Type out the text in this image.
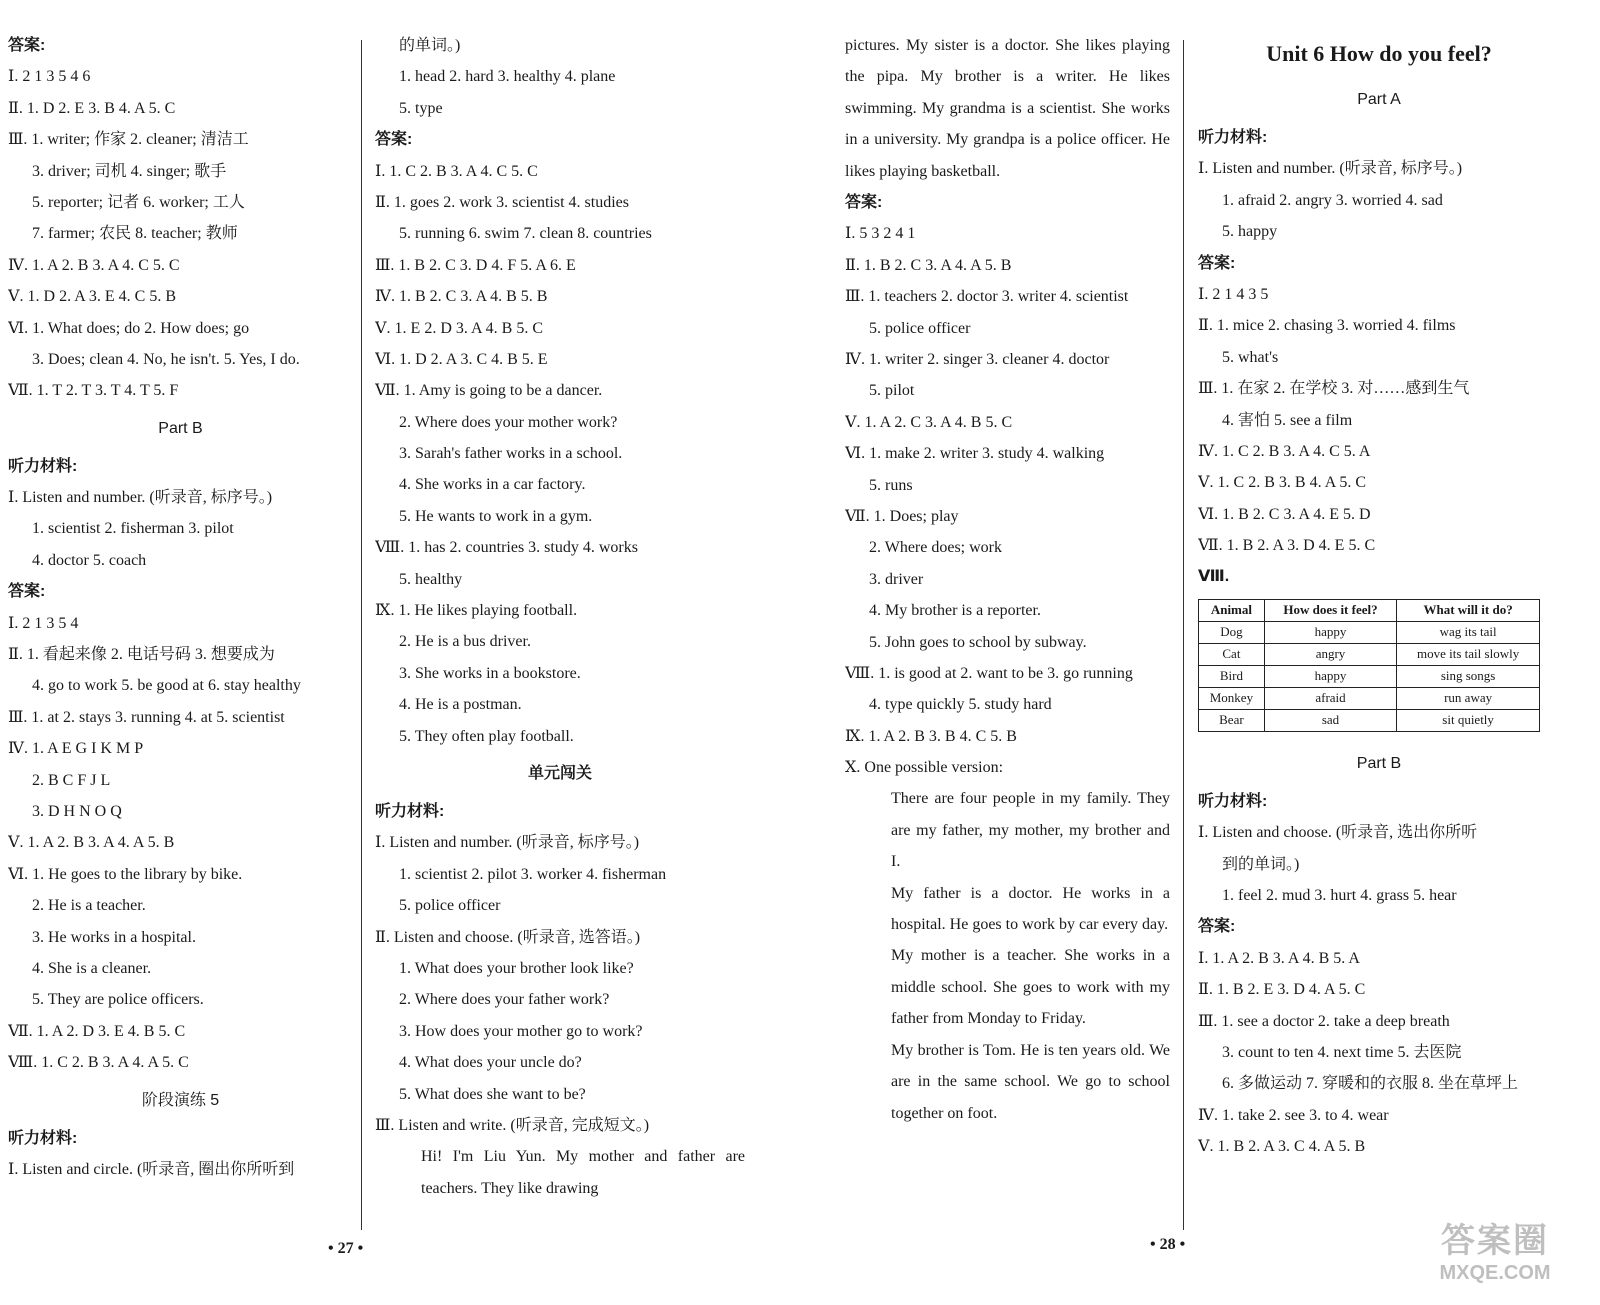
答案:
Ⅰ. 2 1 3 5 4 6
Ⅱ. 1. D 2. E 3. B 4. A 5. C
Ⅲ. 1. writer; 作家 2. cleaner; 清洁工
3. driver; 司机 4. singer; 歌手
5. reporter; 记者 6. worker; 工人
7. farmer; 农民 8. teacher; 教师
Ⅳ. 1. A 2. B 3. A 4. C 5. C
Ⅴ. 1. D 2. A 3. E 4. C 5. B
Ⅵ. 1. What does; do 2. How does; go
3. Does; clean 4. No, he isn't. 5. Yes, I do.
Ⅶ. 1. T 2. T 3. T 4. T 5. F
Part B
听力材料:
Ⅰ. Listen and number. (听录音, 标序号。)
1. scientist 2. fisherman 3. pilot
4. doctor 5. coach
答案:
Ⅰ. 2 1 3 5 4
Ⅱ. 1. 看起来像 2. 电话号码 3. 想要成为
4. go to work 5. be good at 6. stay healthy
Ⅲ. 1. at 2. stays 3. running 4. at 5. scientist
Ⅳ. 1. A E G I K M P
2. B C F J L
3. D H N O Q
Ⅴ. 1. A 2. B 3. A 4. A 5. B
Ⅵ. 1. He goes to the library by bike.
2. He is a teacher.
3. He works in a hospital.
4. She is a cleaner.
5. They are police officers.
Ⅶ. 1. A 2. D 3. E 4. B 5. C
Ⅷ. 1. C 2. B 3. A 4. A 5. C
阶段演练 5
听力材料:
Ⅰ. Listen and circle. (听录音, 圈出你所听到
的单词。)
1. head 2. hard 3. healthy 4. plane
5. type
答案:
Ⅰ. 1. C 2. B 3. A 4. C 5. C
Ⅱ. 1. goes 2. work 3. scientist 4. studies
5. running 6. swim 7. clean 8. countries
Ⅲ. 1. B 2. C 3. D 4. F 5. A 6. E
Ⅳ. 1. B 2. C 3. A 4. B 5. B
Ⅴ. 1. E 2. D 3. A 4. B 5. C
Ⅵ. 1. D 2. A 3. C 4. B 5. E
Ⅶ. 1. Amy is going to be a dancer.
2. Where does your mother work?
3. Sarah's father works in a school.
4. She works in a car factory.
5. He wants to work in a gym.
Ⅷ. 1. has 2. countries 3. study 4. works
5. healthy
Ⅸ. 1. He likes playing football.
2. He is a bus driver.
3. She works in a bookstore.
4. He is a postman.
5. They often play football.
单元闯关
听力材料:
Ⅰ. Listen and number. (听录音, 标序号。)
1. scientist 2. pilot 3. worker 4. fisherman
5. police officer
Ⅱ. Listen and choose. (听录音, 选答语。)
1. What does your brother look like?
2. Where does your father work?
3. How does your mother go to work?
4. What does your uncle do?
5. What does she want to be?
Ⅲ. Listen and write. (听录音, 完成短文。)
Hi! I'm Liu Yun. My mother and father are teachers. They like drawing
pictures. My sister is a doctor. She likes playing the pipa. My brother is a writer. He likes swimming. My grandma is a scientist. She works in a university. My grandpa is a police officer. He likes playing basketball.
答案:
Ⅰ. 5 3 2 4 1
Ⅱ. 1. B 2. C 3. A 4. A 5. B
Ⅲ. 1. teachers 2. doctor 3. writer 4. scientist
5. police officer
Ⅳ. 1. writer 2. singer 3. cleaner 4. doctor
5. pilot
Ⅴ. 1. A 2. C 3. A 4. B 5. C
Ⅵ. 1. make 2. writer 3. study 4. walking
5. runs
Ⅶ. 1. Does; play
2. Where does; work
3. driver
4. My brother is a reporter.
5. John goes to school by subway.
Ⅷ. 1. is good at 2. want to be 3. go running
4. type quickly 5. study hard
Ⅸ. 1. A 2. B 3. B 4. C 5. B
Ⅹ. One possible version:
There are four people in my family. They are my father, my mother, my brother and I.
My father is a doctor. He works in a hospital. He goes to work by car every day.
My mother is a teacher. She works in a middle school. She goes to work with my father from Monday to Friday.
My brother is Tom. He is ten years old. We are in the same school. We go to school together on foot.
Unit 6 How do you feel?
Part A
听力材料:
Ⅰ. Listen and number. (听录音, 标序号。)
1. afraid 2. angry 3. worried 4. sad
5. happy
答案:
Ⅰ. 2 1 4 3 5
Ⅱ. 1. mice 2. chasing 3. worried 4. films
5. what's
Ⅲ. 1. 在家 2. 在学校 3. 对……感到生气
4. 害怕 5. see a film
Ⅳ. 1. C 2. B 3. A 4. C 5. A
Ⅴ. 1. C 2. B 3. B 4. A 5. C
Ⅵ. 1. B 2. C 3. A 4. E 5. D
Ⅶ. 1. B 2. A 3. D 4. E 5. C
Ⅷ.
Animal	How does it feel?	What will it do?
Dog	happy	wag its tail
Cat	angry	move its tail slowly
Bird	happy	sing songs
Monkey	afraid	run away
Bear	sad	sit quietly
Part B
听力材料:
Ⅰ. Listen and choose. (听录音, 选出你所听
到的单词。)
1. feel 2. mud 3. hurt 4. grass 5. hear
答案:
Ⅰ. 1. A 2. B 3. A 4. B 5. A
Ⅱ. 1. B 2. E 3. D 4. A 5. C
Ⅲ. 1. see a doctor 2. take a deep breath
3. count to ten 4. next time 5. 去医院
6. 多做运动 7. 穿暖和的衣服 8. 坐在草坪上
Ⅳ. 1. take 2. see 3. to 4. wear
Ⅴ. 1. B 2. A 3. C 4. A 5. B
• 27 •	• 28 •	答案圈
MXQE.COM
